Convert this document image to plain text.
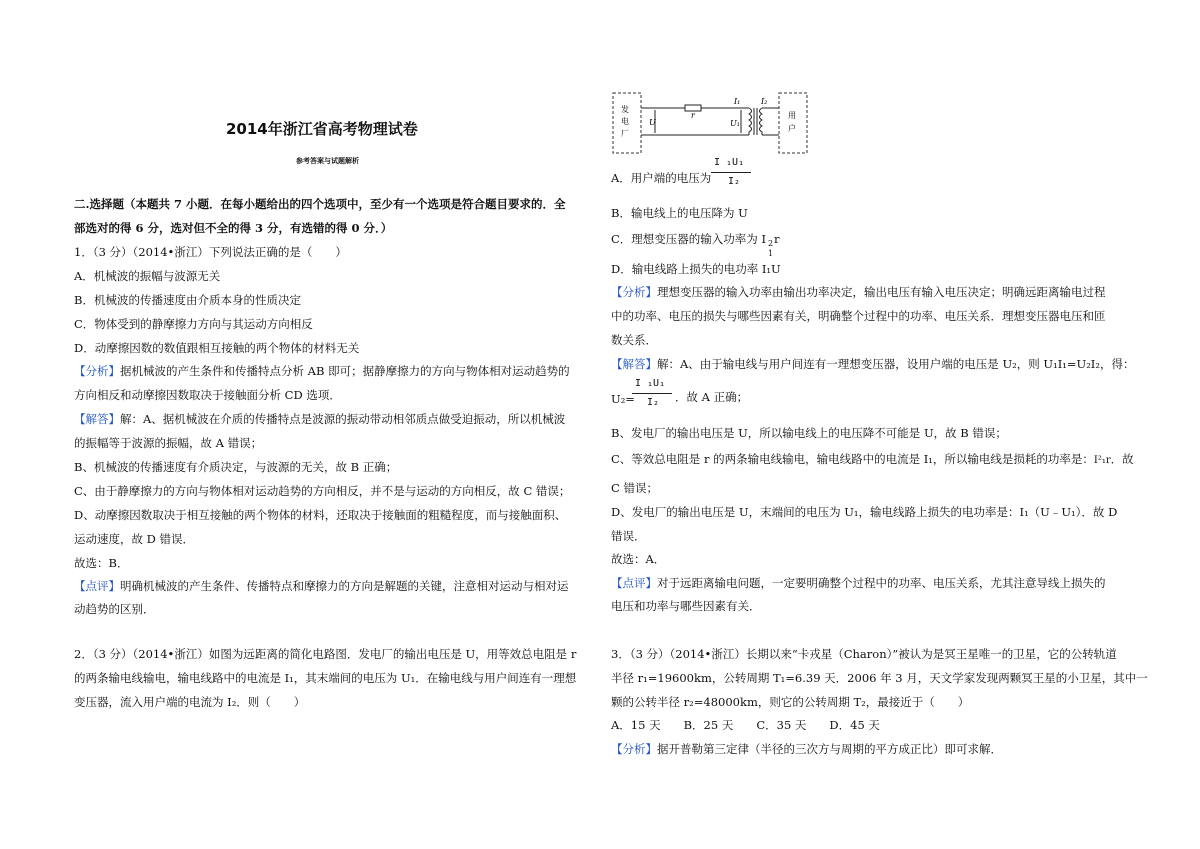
2014年浙江省高考物理试卷
参考答案与试题解析
二.选择题（本题共 7 小题．在每小题给出的四个选项中，至少有一个选项是符合题目要求的．全
部选对的得 6 分，选对但不全的得 3 分，有选错的得 0 分．）
1．（3 分）（2014•浙江）下列说法正确的是（　　）
A．机械波的振幅与波源无关
B．机械波的传播速度由介质本身的性质决定
C．物体受到的静摩擦力方向与其运动方向相反
D．动摩擦因数的数值跟相互接触的两个物体的材料无关
【分析】据机械波的产生条件和传播特点分析 AB 即可；据静摩擦力的方向与物体相对运动趋势的
方向相反和动摩擦因数取决于接触面分析 CD 选项．
【解答】解：A、据机械波在介质的传播特点是波源的振动带动相邻质点做受迫振动，所以机械波
的振幅等于波源的振幅，故 A 错误；
B、机械波的传播速度有介质决定，与波源的无关，故 B 正确；
C、由于静摩擦力的方向与物体相对运动趋势的方向相反，并不是与运动的方向相反，故 C 错误；
D、动摩擦因数取决于相互接触的两个物体的材料，还取决于接触面的粗糙程度，而与接触面积、
运动速度，故 D 错误．
故选：B．
【点评】明确机械波的产生条件、传播特点和摩擦力的方向是解题的关键，注意相对运动与相对运
动趋势的区别．
2．（3 分）（2014•浙江）如图为远距离的简化电路图．发电厂的输出电压是 U，用等效总电阻是 r
的两条输电线输电，输电线路中的电流是 I₁，其末端间的电压为 U₁．在输电线与用户间连有一理想
变压器，流入用户端的电流为 I₂．则（　　）
发
电
厂
r
U
I₁
U₁
I₂
用
户
A．用户端的电压为
I ₁U₁
I₂
B．输电线上的电压降为 U
C．理想变压器的输入功率为 I 2
1
r
D．输电线路上损失的电功率 I₁U
【分析】理想变压器的输入功率由输出功率决定，输出电压有输入电压决定；明确远距离输电过程
中的功率、电压的损失与哪些因素有关，明确整个过程中的功率、电压关系．理想变压器电压和匝
数关系．
【解答】解：A、由于输电线与用户间连有一理想变压器，设用户端的电压是 U₂，则 U₁I₁=U₂I₂，得：
U₂=
I ₁U₁
I₂ ．故 A 正确；
B、发电厂的输出电压是 U，所以输电线上的电压降不可能是 U，故 B 错误；
C、等效总电阻是 r 的两条输电线输电，输电线路中的电流是 I₁，所以输电线是损耗的功率是：I²₁r．故
C 错误；
D、发电厂的输出电压是 U，末端间的电压为 U₁，输电线路上损失的电功率是：I₁（U﹣U₁）．故 D
错误．
故选：A．
【点评】对于远距离输电问题，一定要明确整个过程中的功率、电压关系，尤其注意导线上损失的
电压和功率与哪些因素有关．
3．（3 分）（2014•浙江）长期以来“卡戎星（Charon）”被认为是冥王星唯一的卫星，它的公转轨道
半径 r₁=19600km，公转周期 T₁=6.39 天．2006 年 3 月，天文学家发现两颗冥王星的小卫星，其中一
颗的公转半径 r₂=48000km，则它的公转周期 T₂，最接近于（　　）
A．15 天　　B．25 天　　C．35 天　　D．45 天
【分析】据开普勒第三定律（半径的三次方与周期的平方成正比）即可求解．
